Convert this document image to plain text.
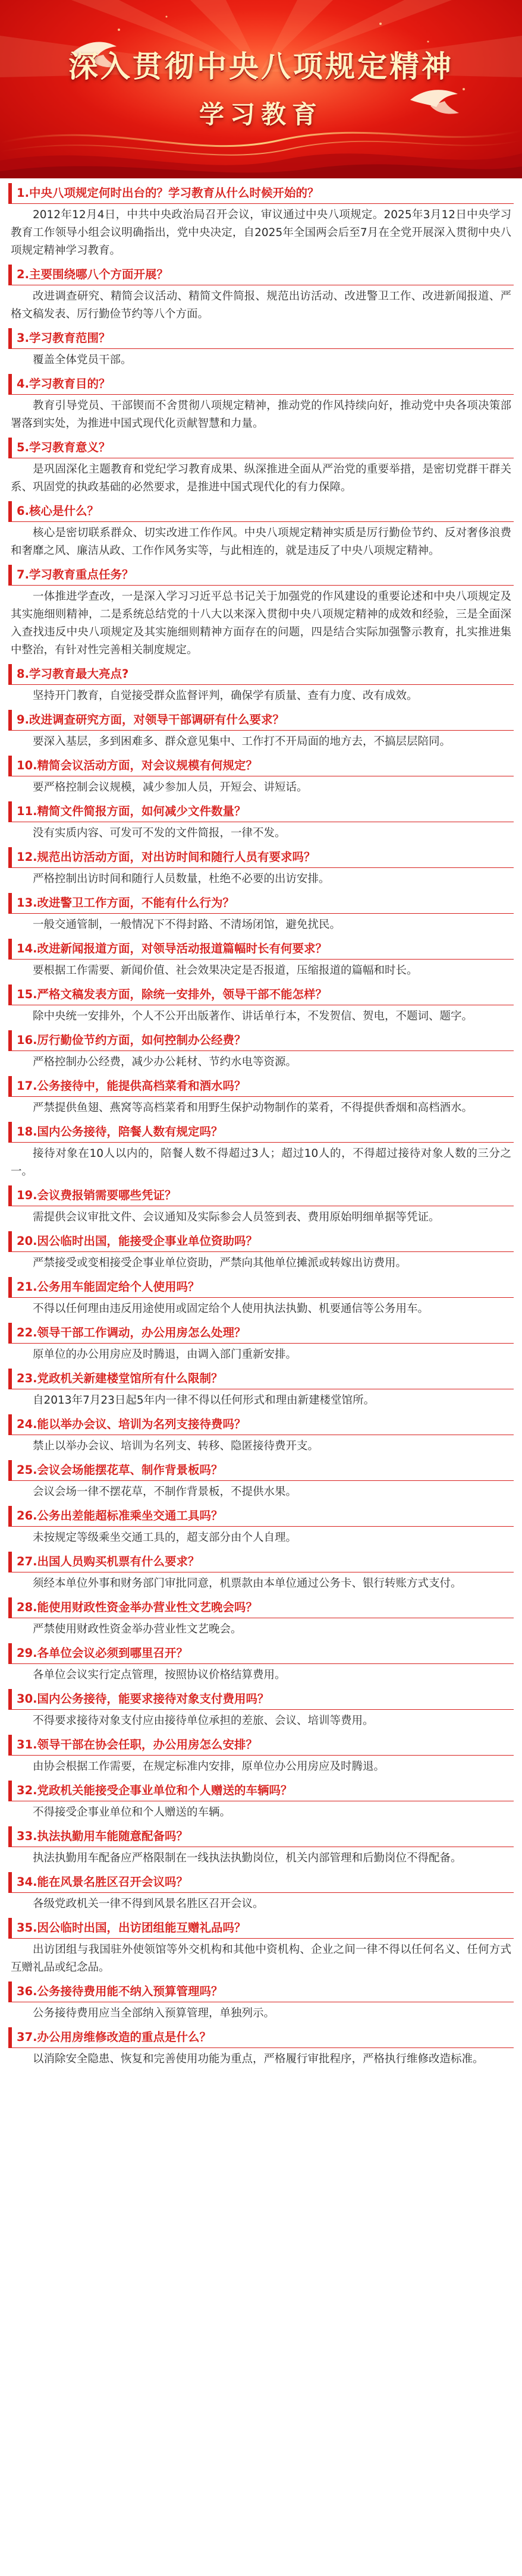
深入贯彻中央八项规定精神
学习教育
1.中央八项规定何时出台的？学习教育从什么时候开始的？
2012年12月4日，中共中央政治局召开会议，审议通过中央八项规定。2025年3月12日中央学习教育工作领导小组会议明确指出，党中央决定，自2025年全国两会后至7月在全党开展深入贯彻中央八项规定精神学习教育。
2.主要围绕哪八个方面开展？
改进调查研究、精简会议活动、精简文件简报、规范出访活动、改进警卫工作、改进新闻报道、严格文稿发表、厉行勤俭节约等八个方面。
3.学习教育范围？
覆盖全体党员干部。
4.学习教育目的？
教育引导党员、干部锲而不舍贯彻八项规定精神，推动党的作风持续向好，推动党中央各项决策部署落到实处，为推进中国式现代化贡献智慧和力量。
5.学习教育意义？
是巩固深化主题教育和党纪学习教育成果、纵深推进全面从严治党的重要举措，是密切党群干群关系、巩固党的执政基础的必然要求，是推进中国式现代化的有力保障。
6.核心是什么？
核心是密切联系群众、切实改进工作作风。中央八项规定精神实质是厉行勤俭节约、反对奢侈浪费和奢靡之风、廉洁从政、工作作风务实等，与此相连的，就是违反了中央八项规定精神。
7.学习教育重点任务？
一体推进学查改，一是深入学习习近平总书记关于加强党的作风建设的重要论述和中央八项规定及其实施细则精神，二是系统总结党的十八大以来深入贯彻中央八项规定精神的成效和经验，三是全面深入查找违反中央八项规定及其实施细则精神方面存在的问题，四是结合实际加强警示教育，扎实推进集中整治，有针对性完善相关制度规定。
8.学习教育最大亮点?
坚持开门教育，自觉接受群众监督评判，确保学有质量、查有力度、改有成效。
9.改进调查研究方面，对领导干部调研有什么要求？
要深入基层，多到困难多、群众意见集中、工作打不开局面的地方去，不搞层层陪同。
10.精简会议活动方面，对会议规模有何规定？
要严格控制会议规模，减少参加人员，开短会、讲短话。
11.精简文件简报方面，如何减少文件数量？
没有实质内容、可发可不发的文件简报，一律不发。
12.规范出访活动方面，对出访时间和随行人员有要求吗？
严格控制出访时间和随行人员数量，杜绝不必要的出访安排。
13.改进警卫工作方面，不能有什么行为？
一般交通管制，一般情况下不得封路、不清场闭馆，避免扰民。
14.改进新闻报道方面，对领导活动报道篇幅时长有何要求？
要根据工作需要、新闻价值、社会效果决定是否报道，压缩报道的篇幅和时长。
15.严格文稿发表方面，除统一安排外，领导干部不能怎样？
除中央统一安排外，个人不公开出版著作、讲话单行本，不发贺信、贺电，不题词、题字。
16.厉行勤俭节约方面，如何控制办公经费？
严格控制办公经费，减少办公耗材、节约水电等资源。
17.公务接待中，能提供高档菜肴和酒水吗？
严禁提供鱼翅、燕窝等高档菜肴和用野生保护动物制作的菜肴，不得提供香烟和高档酒水。
18.国内公务接待，陪餐人数有规定吗？
接待对象在10人以内的，陪餐人数不得超过3人；超过10人的，不得超过接待对象人数的三分之一。
19.会议费报销需要哪些凭证？
需提供会议审批文件、会议通知及实际参会人员签到表、费用原始明细单据等凭证。
20.因公临时出国，能接受企事业单位资助吗？
严禁接受或变相接受企事业单位资助，严禁向其他单位摊派或转嫁出访费用。
21.公务用车能固定给个人使用吗？
不得以任何理由违反用途使用或固定给个人使用执法执勤、机要通信等公务用车。
22.领导干部工作调动，办公用房怎么处理？
原单位的办公用房应及时腾退，由调入部门重新安排。
23.党政机关新建楼堂馆所有什么限制？
自2013年7月23日起5年内一律不得以任何形式和理由新建楼堂馆所。
24.能以举办会议、培训为名列支接待费吗？
禁止以举办会议、培训为名列支、转移、隐匿接待费开支。
25.会议会场能摆花草、制作背景板吗？
会议会场一律不摆花草，不制作背景板，不提供水果。
26.公务出差能超标准乘坐交通工具吗？
未按规定等级乘坐交通工具的，超支部分由个人自理。
27.出国人员购买机票有什么要求？
须经本单位外事和财务部门审批同意，机票款由本单位通过公务卡、银行转账方式支付。
28.能使用财政性资金举办营业性文艺晚会吗？
严禁使用财政性资金举办营业性文艺晚会。
29.各单位会议必须到哪里召开？
各单位会议实行定点管理，按照协议价格结算费用。
30.国内公务接待，能要求接待对象支付费用吗？
不得要求接待对象支付应由接待单位承担的差旅、会议、培训等费用。
31.领导干部在协会任职，办公用房怎么安排？
由协会根据工作需要，在规定标准内安排，原单位办公用房应及时腾退。
32.党政机关能接受企事业单位和个人赠送的车辆吗？
不得接受企事业单位和个人赠送的车辆。
33.执法执勤用车能随意配备吗？
执法执勤用车配备应严格限制在一线执法执勤岗位，机关内部管理和后勤岗位不得配备。
34.能在风景名胜区召开会议吗？
各级党政机关一律不得到风景名胜区召开会议。
35.因公临时出国，出访团组能互赠礼品吗？
出访团组与我国驻外使领馆等外交机构和其他中资机构、企业之间一律不得以任何名义、任何方式互赠礼品或纪念品。
36.公务接待费用能不纳入预算管理吗？
公务接待费用应当全部纳入预算管理，单独列示。
37.办公用房维修改造的重点是什么？
以消除安全隐患、恢复和完善使用功能为重点，严格履行审批程序，严格执行维修改造标准。
